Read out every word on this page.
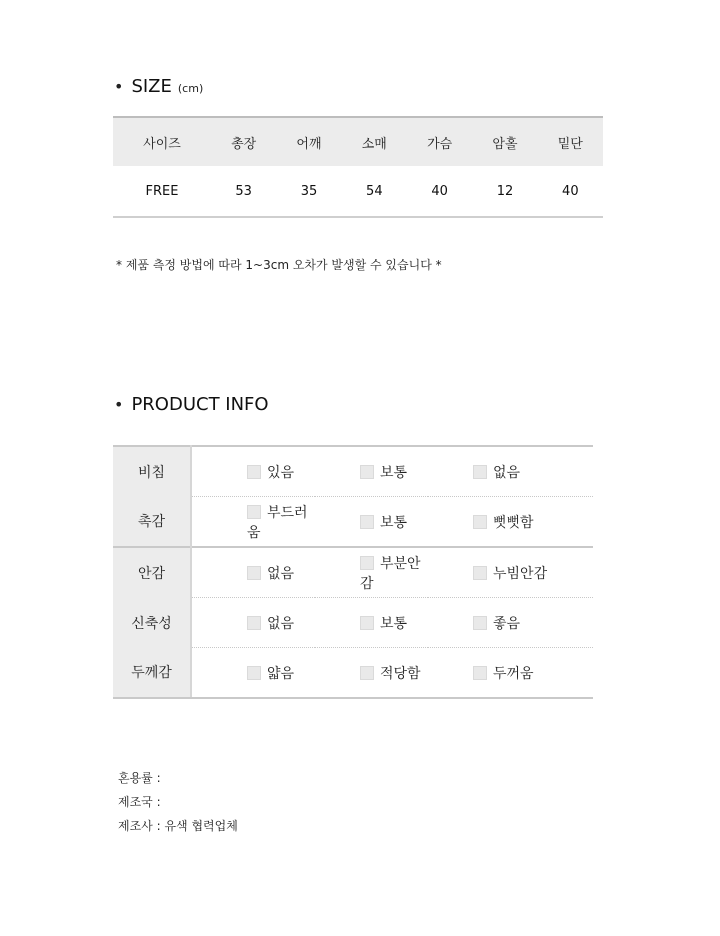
• SIZE (cm)
사이즈	총장	어깨	소매	가슴	암홀	밑단
FREE	53	35	54	40	12	40
* 제품 측정 방법에 따라 1~3cm 오차가 발생할 수 있습니다 *
• PRODUCT INFO
비침	있음	보통	없음
촉감	부드러움	보통	뻣뻣함
안감	없음	부분안감	누빔안감
신축성	없음	보통	좋음
두께감	얇음	적당함	두꺼움
혼용률 :
제조국 :
제조사 : 유색 협력업체
